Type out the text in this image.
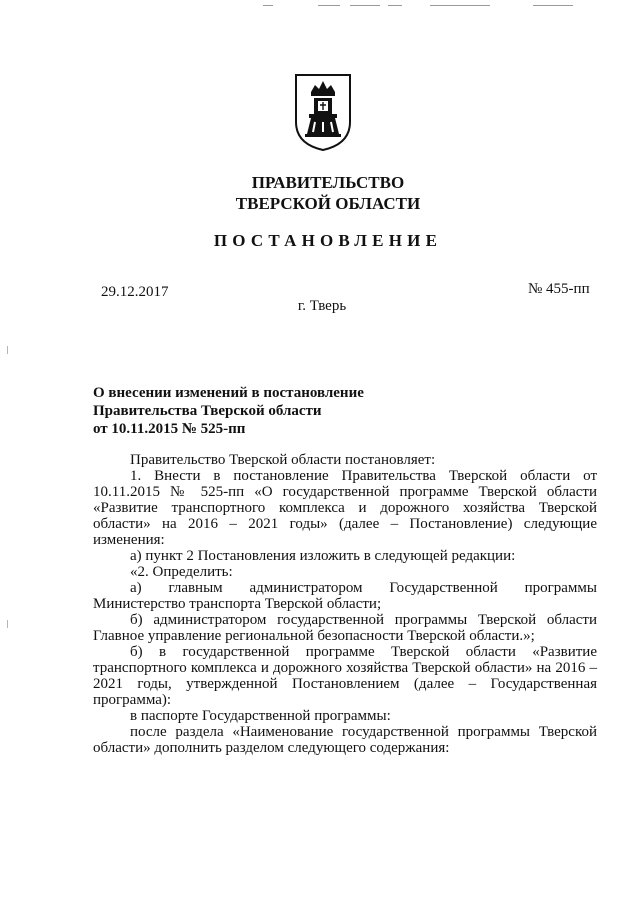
ПРАВИТЕЛЬСТВО
ТВЕРСКОЙ ОБЛАСТИ
ПОСТАНОВЛЕНИЕ
29.12.2017	№ 455-пп
г. Тверь
О внесении изменений в постановление
Правительства Тверской области
от 10.11.2015 № 525-пп

Правительство Тверской области постановляет:

1. Внести в постановление Правительства Тверской области от 10.11.2015 № 525-пп «О государственной программе Тверской области «Развитие транспортного комплекса и дорожного хозяйства Тверской области» на 2016 – 2021 годы» (далее – Постановление) следующие изменения:

а) пункт 2 Постановления изложить в следующей редакции:

«2. Определить:

а) главным администратором Государственной программы Министерство транспорта Тверской области;

б) администратором государственной программы Тверской области Главное управление региональной безопасности Тверской области.»;

б) в государственной программе Тверской области «Развитие транспортного комплекса и дорожного хозяйства Тверской области» на 2016 – 2021 годы, утвержденной Постановлением (далее – Государственная программа):

в паспорте Государственной программы:

после раздела «Наименование государственной программы Тверской области» дополнить разделом следующего содержания:
